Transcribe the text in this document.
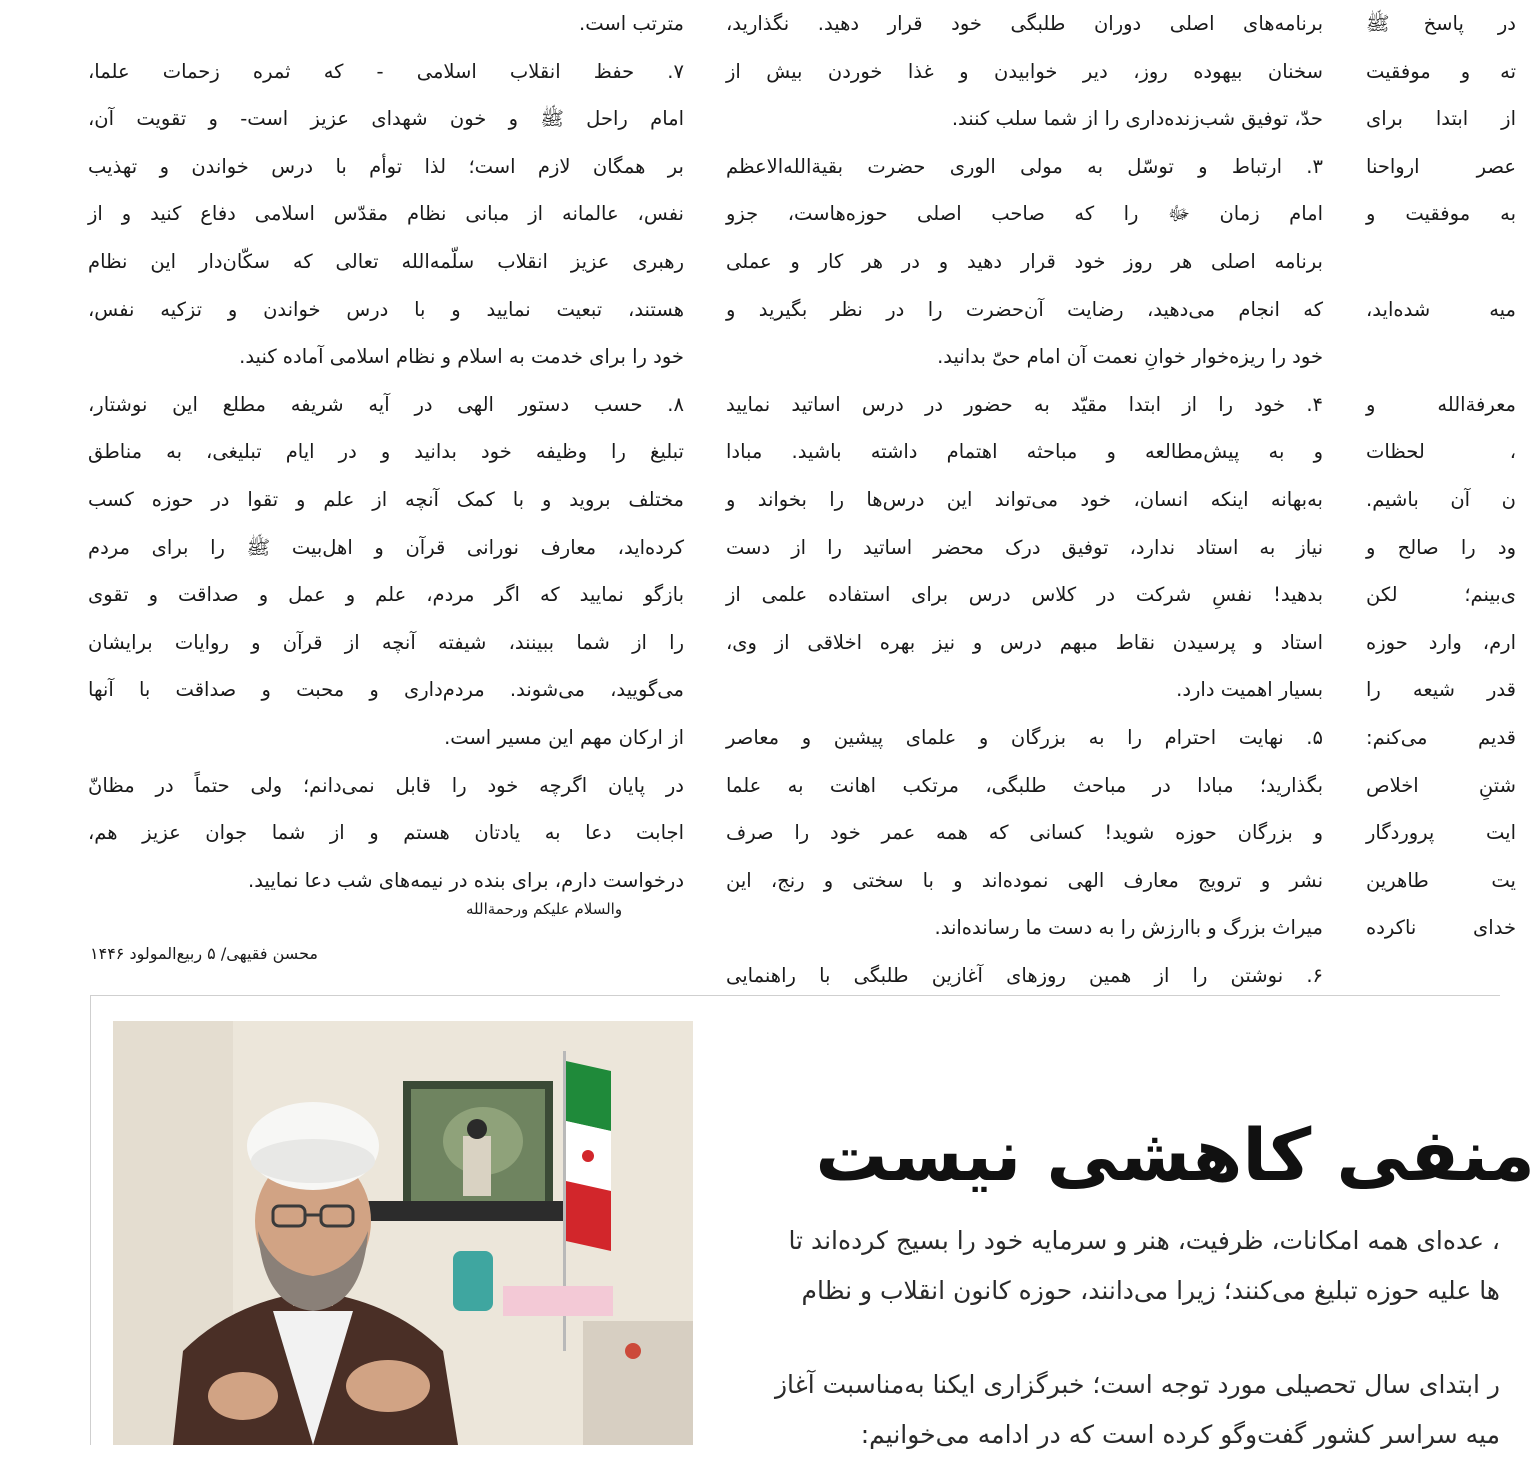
در پاسخ ﷺ
ته و موفقیت
از ابتدا برای
عصر ارواحنا
به موفقیت و
میه شده‌اید،
معرفةالله و
، لحظات
ن آن باشیم.
ود را صالح و
ی‌بینم؛ لکن
ارم، وارد حوزه
قدر شیعه را
قدیم می‌کنم:
شتنِ اخلاص
ایت پروردگار
یت طاهرین
خدای ناکرده
برنامه‌های اصلی دوران طلبگی خود قرار دهید. نگذارید،
سخنان بیهوده روز، دیر خوابیدن و غذا خوردن بیش از
حدّ، توفیق شب‌زنده‌داری را از شما سلب کنند.
۳. ارتباط و توسّل به مولی الوری حضرت بقیةالله‌الاعظم
امام زمان ﷻ را که صاحب اصلی حوزه‌هاست، جزو
برنامه اصلی هر روز خود قرار دهید و در هر کار و عملی
که انجام می‌دهید، رضایت آن‌حضرت را در نظر بگیرید و
خود را ریزه‌خوار خوانِ نعمت آن امام حیّ بدانید.
۴. خود را از ابتدا مقیّد به حضور در درس اساتید نمایید
و به پیش‌مطالعه و مباحثه اهتمام داشته باشید. مبادا
به‌بهانه اینکه انسان، خود می‌تواند این درس‌ها را بخواند و
نیاز به استاد ندارد، توفیق درک محضر اساتید را از دست
بدهید! نفسِ شرکت در کلاس درس برای استفاده علمی از
استاد و پرسیدن نقاط مبهم درس و نیز بهره اخلاقی از وی،
بسیار اهمیت دارد.
۵. نهایت احترام را به بزرگان و علمای پیشین و معاصر
بگذارید؛ مبادا در مباحث طلبگی، مرتکب اهانت به علما
و بزرگان حوزه شوید! کسانی که همه عمر خود را صرف
نشر و ترویج معارف الهی نموده‌اند و با سختی و رنج، این
میراث بزرگ و باارزش را به دست ما رسانده‌اند.
۶. نوشتن را از همین روزهای آغازین طلبگی با راهنمایی
مترتب است.
۷. حفظ انقلاب اسلامی - که ثمره زحمات علما،
امام راحل ﷺ و خون شهدای عزیز است- و تقویت آن،
بر همگان لازم است؛ لذا توأم با درس خواندن و تهذیب
نفس، عالمانه از مبانی نظام مقدّس اسلامی دفاع کنید و از
رهبری عزیز انقلاب سلّمه‌الله تعالی که سکّان‌دار این نظام
هستند، تبعیت نمایید و با درس خواندن و تزکیه نفس،
خود را برای خدمت به اسلام و نظام اسلامی آماده کنید.
۸. حسب دستور الهی در آیه شریفه مطلع این نوشتار،
تبلیغ را وظیفه خود بدانید و در ایام تبلیغی، به مناطق
مختلف بروید و با کمک آنچه از علم و تقوا در حوزه کسب
کرده‌اید، معارف نورانی قرآن و اهل‌بیت ﷺ را برای مردم
بازگو نمایید که اگر مردم، علم و عمل و صداقت و تقوی
را از شما ببینند، شیفته آنچه از قرآن و روایات برایشان
می‌گویید، می‌شوند. مردم‌داری و محبت و صداقت با آنها
از ارکان مهم این مسیر است.
در پایان اگرچه خود را قابل نمی‌دانم؛ ولی حتماً در مظانّ
اجابت دعا به یادتان هستم و از شما جوان عزیز هم،
درخواست دارم، برای بنده در نیمه‌های شب دعا نمایید.
والسلام علیکم ورحمةالله
محسن فقیهی/ ۵ ربیع‌المولود ۱۴۴۶
منفی کاهشی نیست
، عده‌ای همه امکانات، ظرفیت، هنر و سرمایه خود را بسیج کرده‌اند تا
ها علیه حوزه تبلیغ می‌کنند؛ زیرا می‌دانند، حوزه کانون انقلاب و نظام
ر ابتدای سال تحصیلی مورد توجه است؛ خبرگزاری ایکنا به‌مناسبت آغاز
میه سراسر کشور گفت‌وگو کرده است که در ادامه می‌خوانیم:
